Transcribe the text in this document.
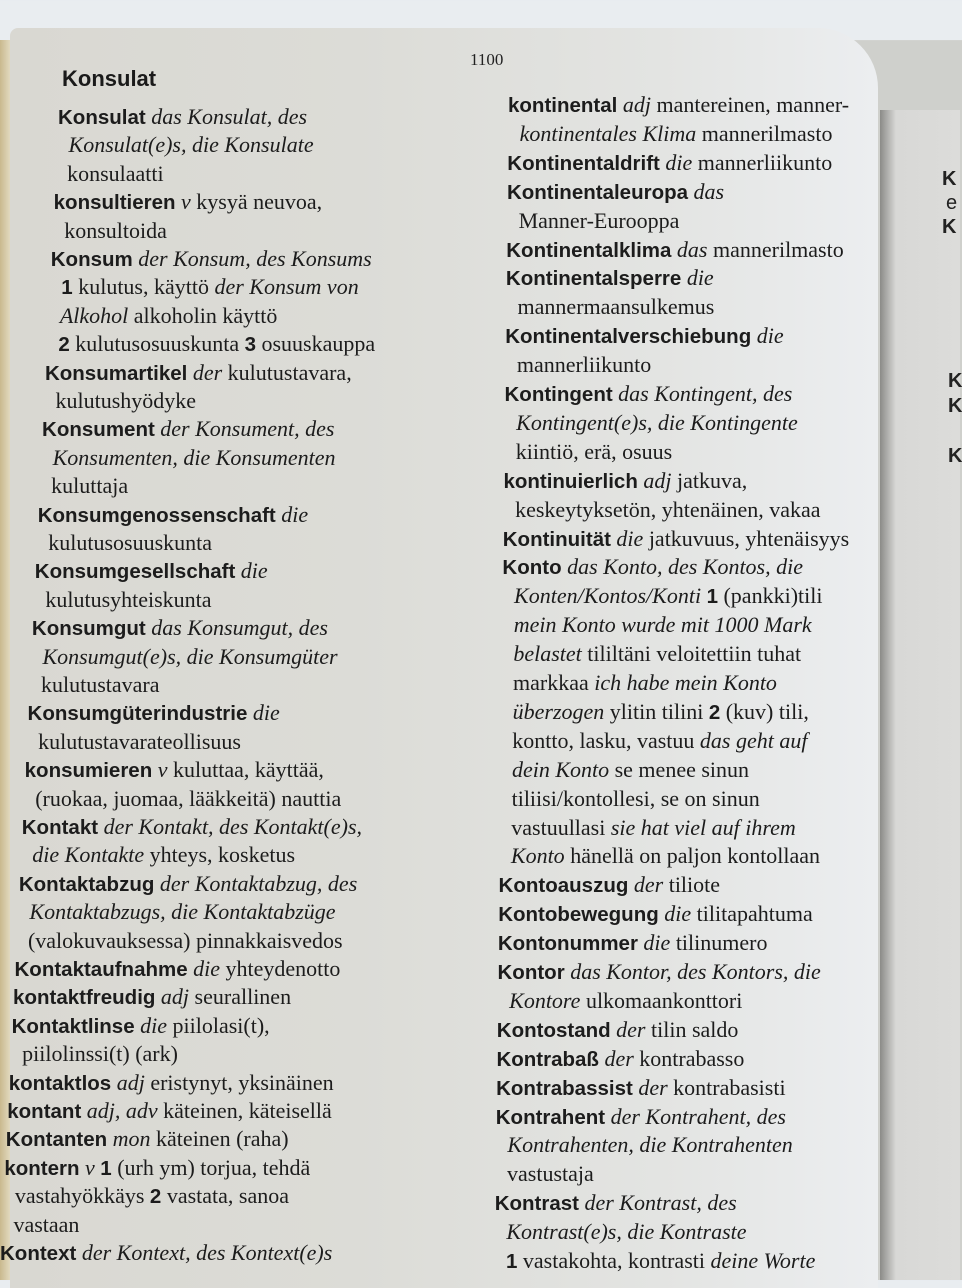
K
e
K
K
K
K
1100
Konsulat
Konsulat das Konsulat, des
Konsulat(e)s, die Konsulate
konsulaatti
konsultieren v kysyä neuvoa,
konsultoida
Konsum der Konsum, des Konsums
1 kulutus, käyttö der Konsum von
Alkohol alkoholin käyttö
2 kulutusosuuskunta 3 osuuskauppa
Konsumartikel der kulutustavara,
kulutushyödyke
Konsument der Konsument, des
Konsumenten, die Konsumenten
kuluttaja
Konsumgenossenschaft die
kulutusosuuskunta
Konsumgesellschaft die
kulutusyhteiskunta
Konsumgut das Konsumgut, des
Konsumgut(e)s, die Konsumgüter
kulutustavara
Konsumgüterindustrie die
kulutustavarateollisuus
konsumieren v kuluttaa, käyttää,
(ruokaa, juomaa, lääkkeitä) nauttia
Kontakt der Kontakt, des Kontakt(e)s,
die Kontakte yhteys, kosketus
Kontaktabzug der Kontaktabzug, des
Kontaktabzugs, die Kontaktabzüge
(valokuvauksessa) pinnakkaisvedos
Kontaktaufnahme die yhteydenotto
kontaktfreudig adj seurallinen
Kontaktlinse die piilolasi(t),
piilolinssi(t) (ark)
kontaktlos adj eristynyt, yksinäinen
kontant adj, adv käteinen, käteisellä
Kontanten mon käteinen (raha)
kontern v 1 (urh ym) torjua, tehdä
vastahyökkäys 2 vastata, sanoa
vastaan
Kontext der Kontext, des Kontext(e)s
kontinental adj mantereinen, manner-
kontinentales Klima mannerilmasto
Kontinentaldrift die mannerliikunto
Kontinentaleuropa das
Manner-Eurooppa
Kontinentalklima das mannerilmasto
Kontinentalsperre die
mannermaansulkemus
Kontinentalverschiebung die
mannerliikunto
Kontingent das Kontingent, des
Kontingent(e)s, die Kontingente
kiintiö, erä, osuus
kontinuierlich adj jatkuva,
keskeytyksetön, yhtenäinen, vakaa
Kontinuität die jatkuvuus, yhtenäisyys
Konto das Konto, des Kontos, die
Konten/Kontos/Konti 1 (pankki)tili
mein Konto wurde mit 1000 Mark
belastet tililtäni veloitettiin tuhat
markkaa ich habe mein Konto
überzogen ylitin tilini 2 (kuv) tili,
kontto, lasku, vastuu das geht auf
dein Konto se menee sinun
tiliisi/kontollesi, se on sinun
vastuullasi sie hat viel auf ihrem
Konto hänellä on paljon kontollaan
Kontoauszug der tiliote
Kontobewegung die tilitapahtuma
Kontonummer die tilinumero
Kontor das Kontor, des Kontors, die
Kontore ulkomaankonttori
Kontostand der tilin saldo
Kontrabaß der kontrabasso
Kontrabassist der kontrabasisti
Kontrahent der Kontrahent, des
Kontrahenten, die Kontrahenten
vastustaja
Kontrast der Kontrast, des
Kontrast(e)s, die Kontraste
1 vastakohta, kontrasti deine Worte
